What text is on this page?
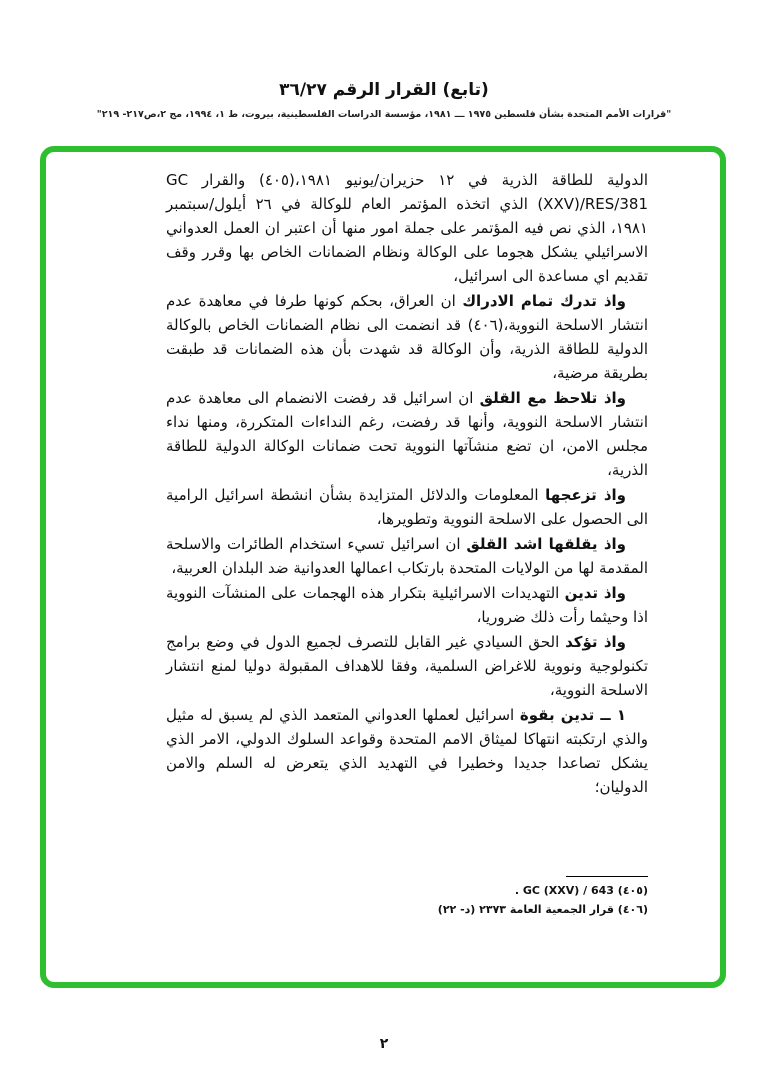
(تابع) القرار الرقم ٣٦/٢٧
"قرارات الأمم المتحدة بشأن فلسطين ١٩٧٥ ـــ ١٩٨١، مؤسسة الدراسات الفلسطينية، بيروت، ط ١، ١٩٩٤، مج ٢،ص٢١٧- ٢١٩"

الدولية للطاقة الذرية في ١٢ حزيران/يونيو ١٩٨١،(٤٠٥) والقرار GC (XXV)/RES/381 الذي اتخذه المؤتمر العام للوكالة في ٢٦ أيلول/سبتمبر ١٩٨١، الذي نص فيه المؤتمر على جملة امور منها أن اعتبر ان العمل العدواني الاسرائيلي يشكل هجوما على الوكالة ونظام الضمانات الخاص بها وقرر وقف تقديم اي مساعدة الى اسرائيل،

واذ تدرك تمام الادراك ان العراق، بحكم كونها طرفا في معاهدة عدم انتشار الاسلحة النووية،(٤٠٦) قد انضمت الى نظام الضمانات الخاص بالوكالة الدولية للطاقة الذرية، وأن الوكالة قد شهدت بأن هذه الضمانات قد طبقت بطريقة مرضية،

واذ تلاحظ مع القلق ان اسرائيل قد رفضت الانضمام الى معاهدة عدم انتشار الاسلحة النووية، وأنها قد رفضت، رغم النداءات المتكررة، ومنها نداء مجلس الامن، ان تضع منشآتها النووية تحت ضمانات الوكالة الدولية للطاقة الذرية،

واذ تزعجها المعلومات والدلائل المتزايدة بشأن انشطة اسرائيل الرامية الى الحصول على الاسلحة النووية وتطويرها،

واذ يقلقها اشد القلق ان اسرائيل تسيء استخدام الطائرات والاسلحة المقدمة لها من الولايات المتحدة بارتكاب اعمالها العدوانية ضد البلدان العربية،

واذ تدين التهديدات الاسرائيلية بتكرار هذه الهجمات على المنشآت النووية اذا وحيثما رأت ذلك ضروريا،

واذ تؤكد الحق السيادي غير القابل للتصرف لجميع الدول في وضع برامج تكنولوجية ونووية للاغراض السلمية، وفقا للاهداف المقبولة دوليا لمنع انتشار الاسلحة النووية،

١ ــ تدين بقوة اسرائيل لعملها العدواني المتعمد الذي لم يسبق له مثيل والذي ارتكبته انتهاكا لميثاق الامم المتحدة وقواعد السلوك الدولي، الامر الذي يشكل تصاعدا جديدا وخطيرا في التهديد الذي يتعرض له السلم والامن الدوليان؛

(٤٠٥) GC (XXV) / 643 .

(٤٠٦) قرار الجمعية العامة ٢٣٧٣ (د- ٢٢)

٢
